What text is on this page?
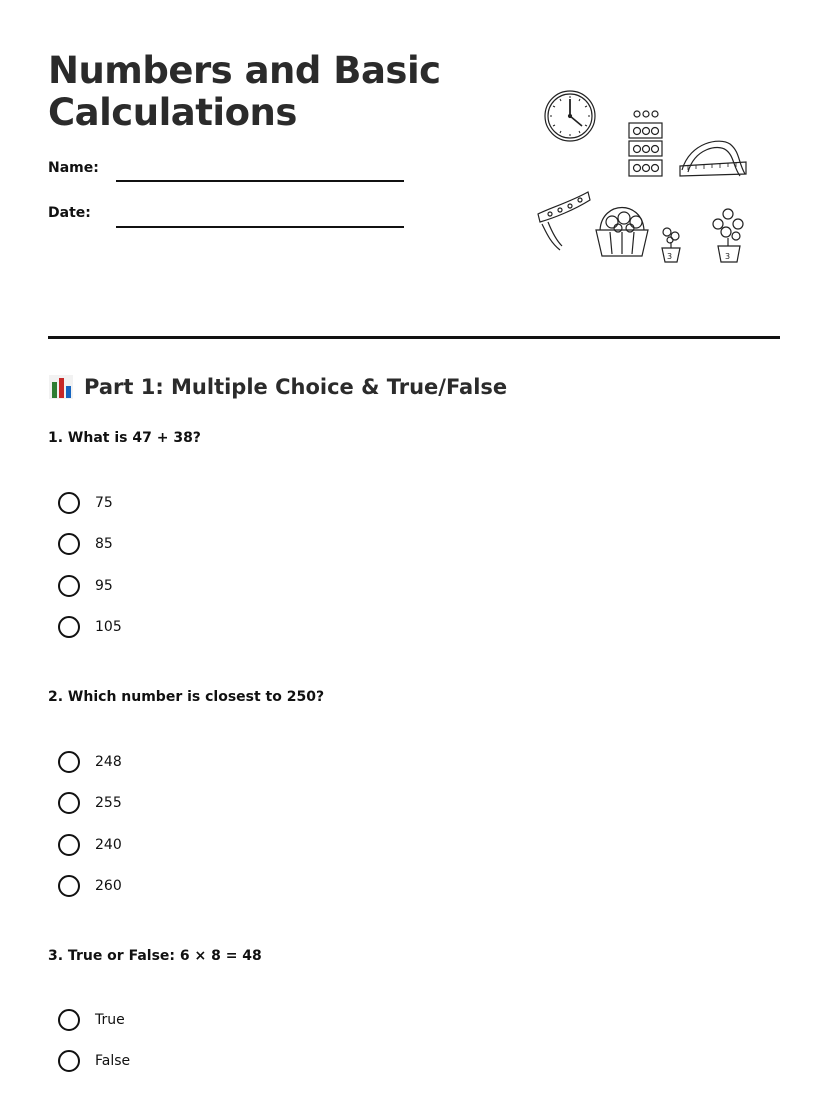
Numbers and Basic Calculations
Name:
Date:
3	3
Part 1: Multiple Choice & True/False
1. What is 47 + 38?
75
85
95
105
2. Which number is closest to 250?
248
255
240
260
3. True or False: 6 × 8 = 48
True
False
